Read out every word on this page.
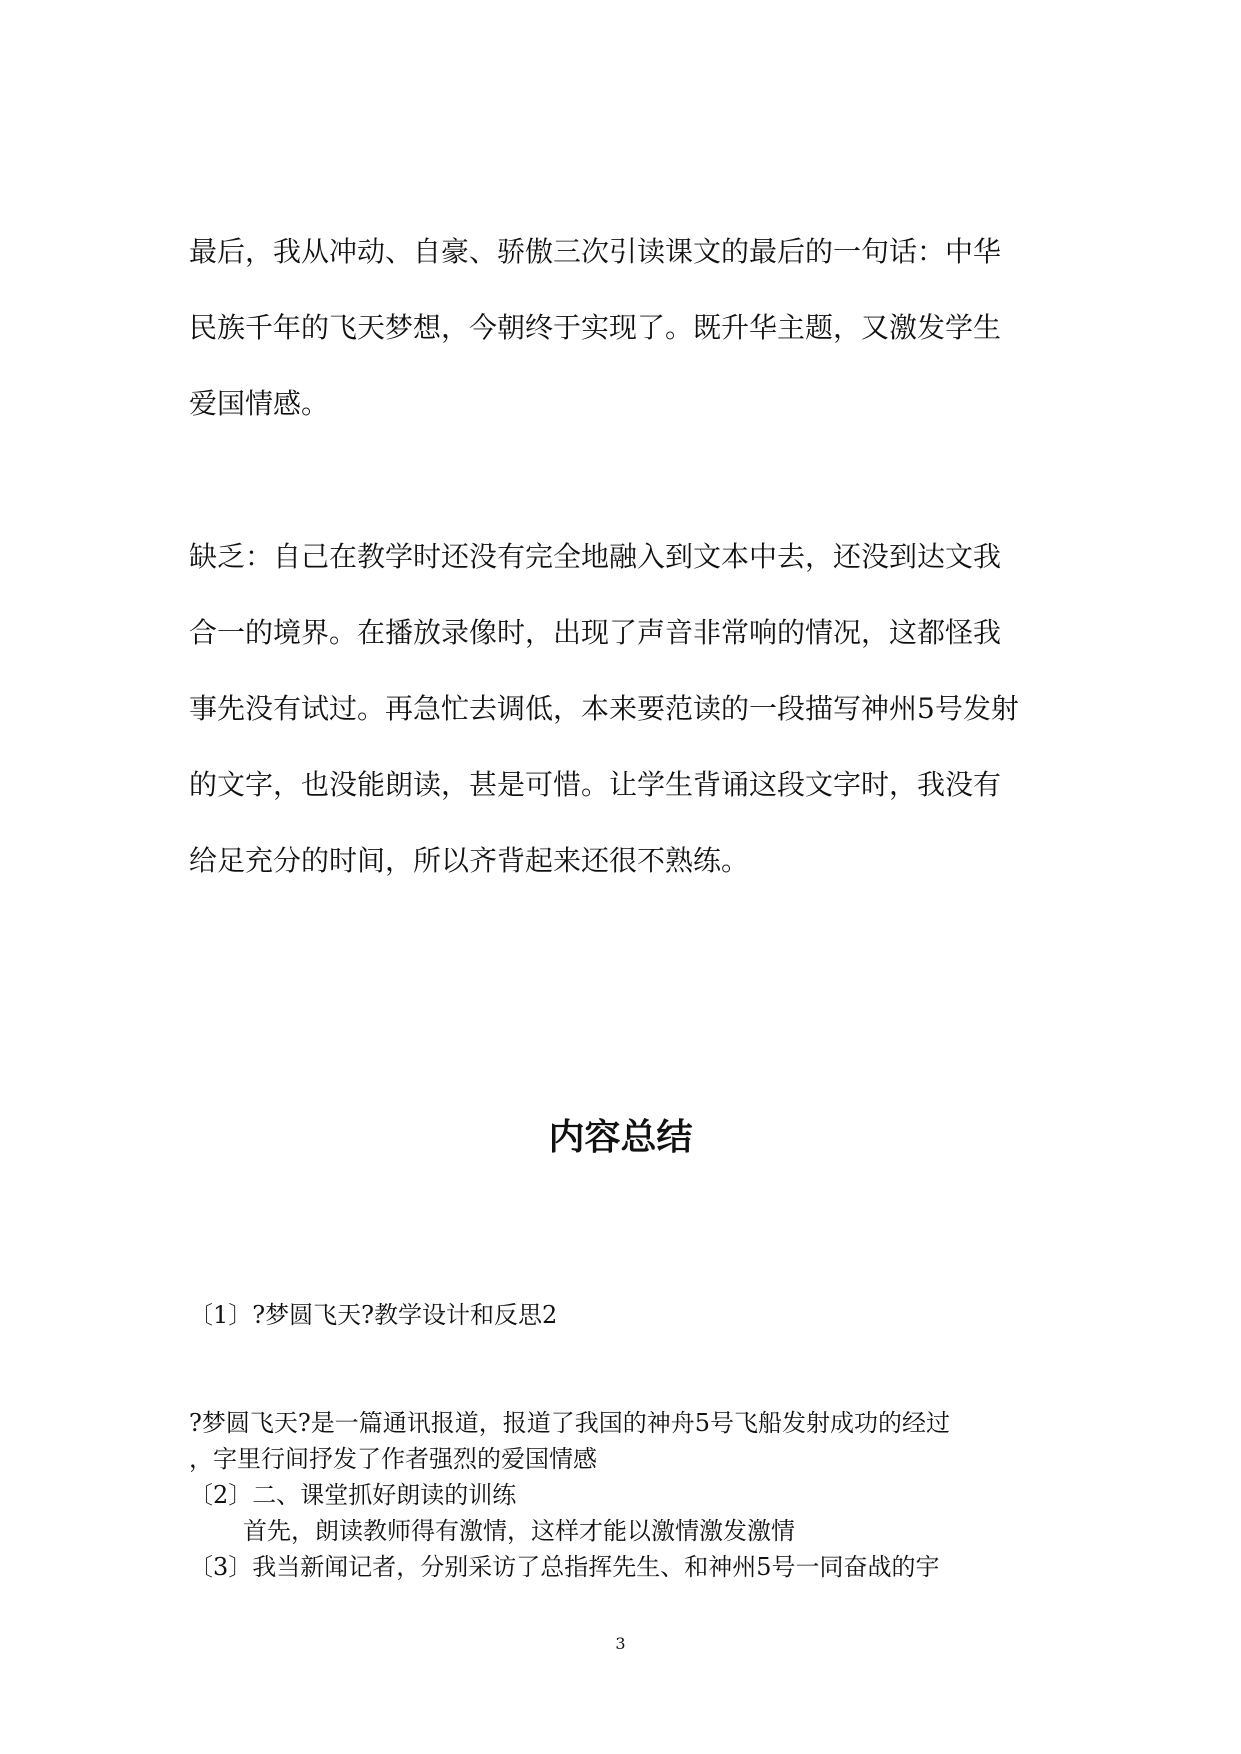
最后，我从冲动、自豪、骄傲三次引读课文的最后的一句话：中华
民族千年的飞天梦想，今朝终于实现了。既升华主题，又激发学生
爱国情感。

缺乏：自己在教学时还没有完全地融入到文本中去，还没到达文我
合一的境界。在播放录像时，出现了声音非常响的情况，这都怪我
事先没有试过。再急忙去调低，本来要范读的一段描写神州5号发射
的文字，也没能朗读，甚是可惜。让学生背诵这段文字时，我没有
给足充分的时间，所以齐背起来还很不熟练。

内容总结
〔1〕?梦圆飞天?教学设计和反思2
?梦圆飞天?是一篇通讯报道，报道了我国的神舟5号飞船发射成功的经过
，字里行间抒发了作者强烈的爱国情感
〔2〕二、课堂抓好朗读的训练
首先，朗读教师得有激情，这样才能以激情激发激情
〔3〕我当新闻记者，分别采访了总指挥先生、和神州5号一同奋战的宇
3
